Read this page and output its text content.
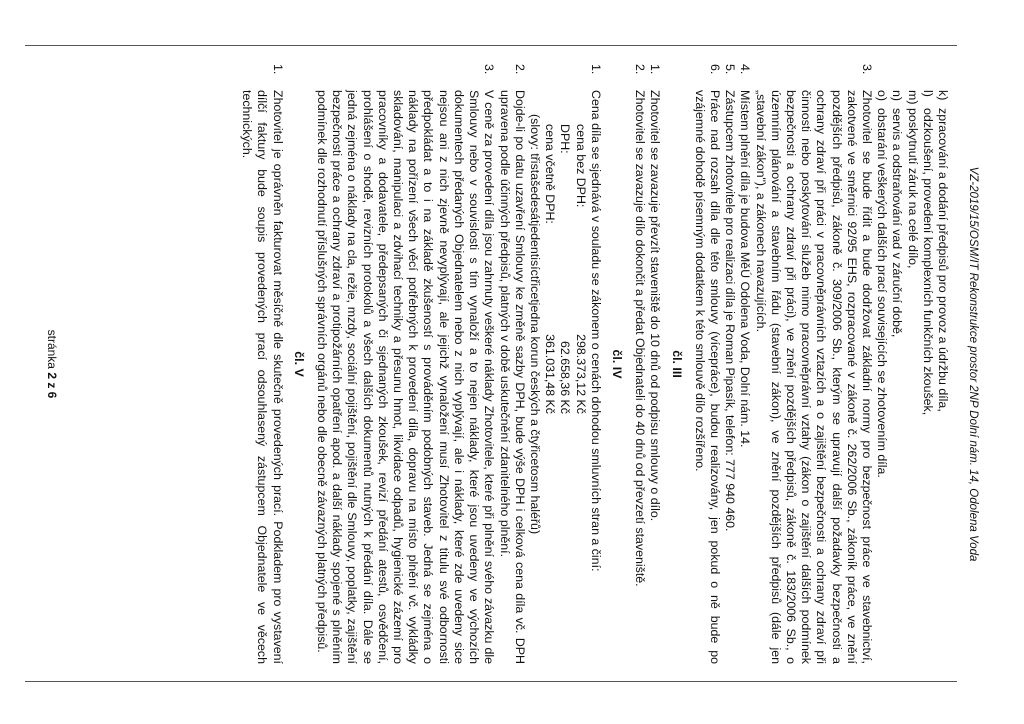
VZ-2019/15/OSM/IT Rekonstrukce prostor 2NP Dolní nám. 14, Odolena Voda
k)
zpracování a dodání předpisů pro provoz a údržbu díla,
l)
odzkoušení, provedení komplexních funkčních zkoušek,
m)
poskytnutí záruk na celé dílo,
n)
servis a odstraňování vad v záruční době,
o)
obstarání veškerých dalších prací souvisejících se zhotovením díla.
3.

Zhotovitel se bude řídit a bude dodržovat základní normy pro bezpečnost práce ve stavebnictví, zakotvené ve směrnici 92/95 EHS, rozpracované v zákoně č. 262/2006 Sb., zákoník práce, ve znění pozdějších předpisů, zákoně č. 309/2006 Sb., kterým se upravují další požadavky bezpečnosti a ochrany zdraví při práci v pracovněprávních vztazích a o zajištění bezpečnosti a ochrany zdraví při činnosti nebo poskytování služeb mimo pracovněprávní vztahy (zákon o zajištění dalších podmínek bezpečnosti a ochrany zdraví při práci), ve znění pozdějších předpisů, zákoně č. 183/2006 Sb., o územním plánování a stavebním řádu (stavební zákon), ve znění pozdějších předpisů (dále jen „stavební zákon"), a zákonech navazujících.

4.

Místem plnění díla je budova MěÚ Odolena Voda, Dolní nám. 14.

5.

Zástupcem zhotovitele pro realizaci díla je Roman Pipasík, telefon: 777 940 460.

6.

Práce nad rozsah díla dle této smlouvy (vícepráce), budou realizovány, jen pokud o ně bude po vzájemné dohodě písemným dodatkem k této smlouvě dílo rozšířeno.

čl. III
1.

Zhotovitel se zavazuje převzít staveniště do 10 dnů od podpisu smlouvy o dílo.

2.

Zhotovitel se zavazuje dílo dokončit a předat Objednateli do 40 dnů od převzetí staveniště.

čl. IV
1.

Cena díla se sjednává v souladu se zákonem o cenách dohodou smluvních stran a činí:

cena bez DPH:
298.373,12 Kč
DPH:
62.658,36 Kč
cena včetně DPH:
361.031,48 Kč
(slovy: třistašedesátjedentisíctřicetjedna korun českých a čtyřicetosm haléřů)
2.

Dojde-li po datu uzavření Smlouvy ke změně sazby DPH, bude výše DPH i celková cena díla vč. DPH upravena podle účinných předpisů, platných v době uskutečnění zdanitelného plnění.

3.

V ceně za provedení díla jsou zahrnuty veškeré náklady Zhotovitele, které při plnění svého závazku dle Smlouvy nebo v souvislosti s tím vynaloží a to nejen náklady, které jsou uvedeny ve výchozích dokumentech předaných Objednatelem nebo z nich vyplývají, ale i náklady, které zde uvedeny sice nejsou ani z nich zjevně nevyplývají, ale jejichž vynaložení musí Zhotovitel z titulu své odbornosti předpokládat a to i na základě zkušeností s prováděním podobných staveb. Jedná se zejména o náklady na pořízení všech věcí potřebných k provedení díla, dopravu na místo plnění vč. vykládky skladování, manipulaci a zdvihací techniky a přesunu hmot, likvidace odpadů, hygienické zázemí pro pracovníky a dodavatele, předepsaných či sjednaných zkoušek, revizí předání atestů, osvědčení, prohlášení o shodě, revizních protokolů a všech dalších dokumentů nutných k předání díla. Dále se jedná zejména o náklady na cla, režie, mzdy, sociální pojištění, pojištění dle Smlouvy, poplatky, zajištění bezpečnosti práce a ochrany zdraví a protipožárních opatření apod. a další náklady spojené s plněním podmínek dle rozhodnutí příslušných správních orgánů nebo dle obecně závazných platných předpisů.

čl. V
1.

Zhotovitel je oprávněn fakturovat měsíčně dle skutečně provedených prací. Podkladem pro vystavení dílčí faktury bude soupis provedených prací odsouhlasený zástupcem Objednatele ve věcech technických.

stránka 2 z 6
